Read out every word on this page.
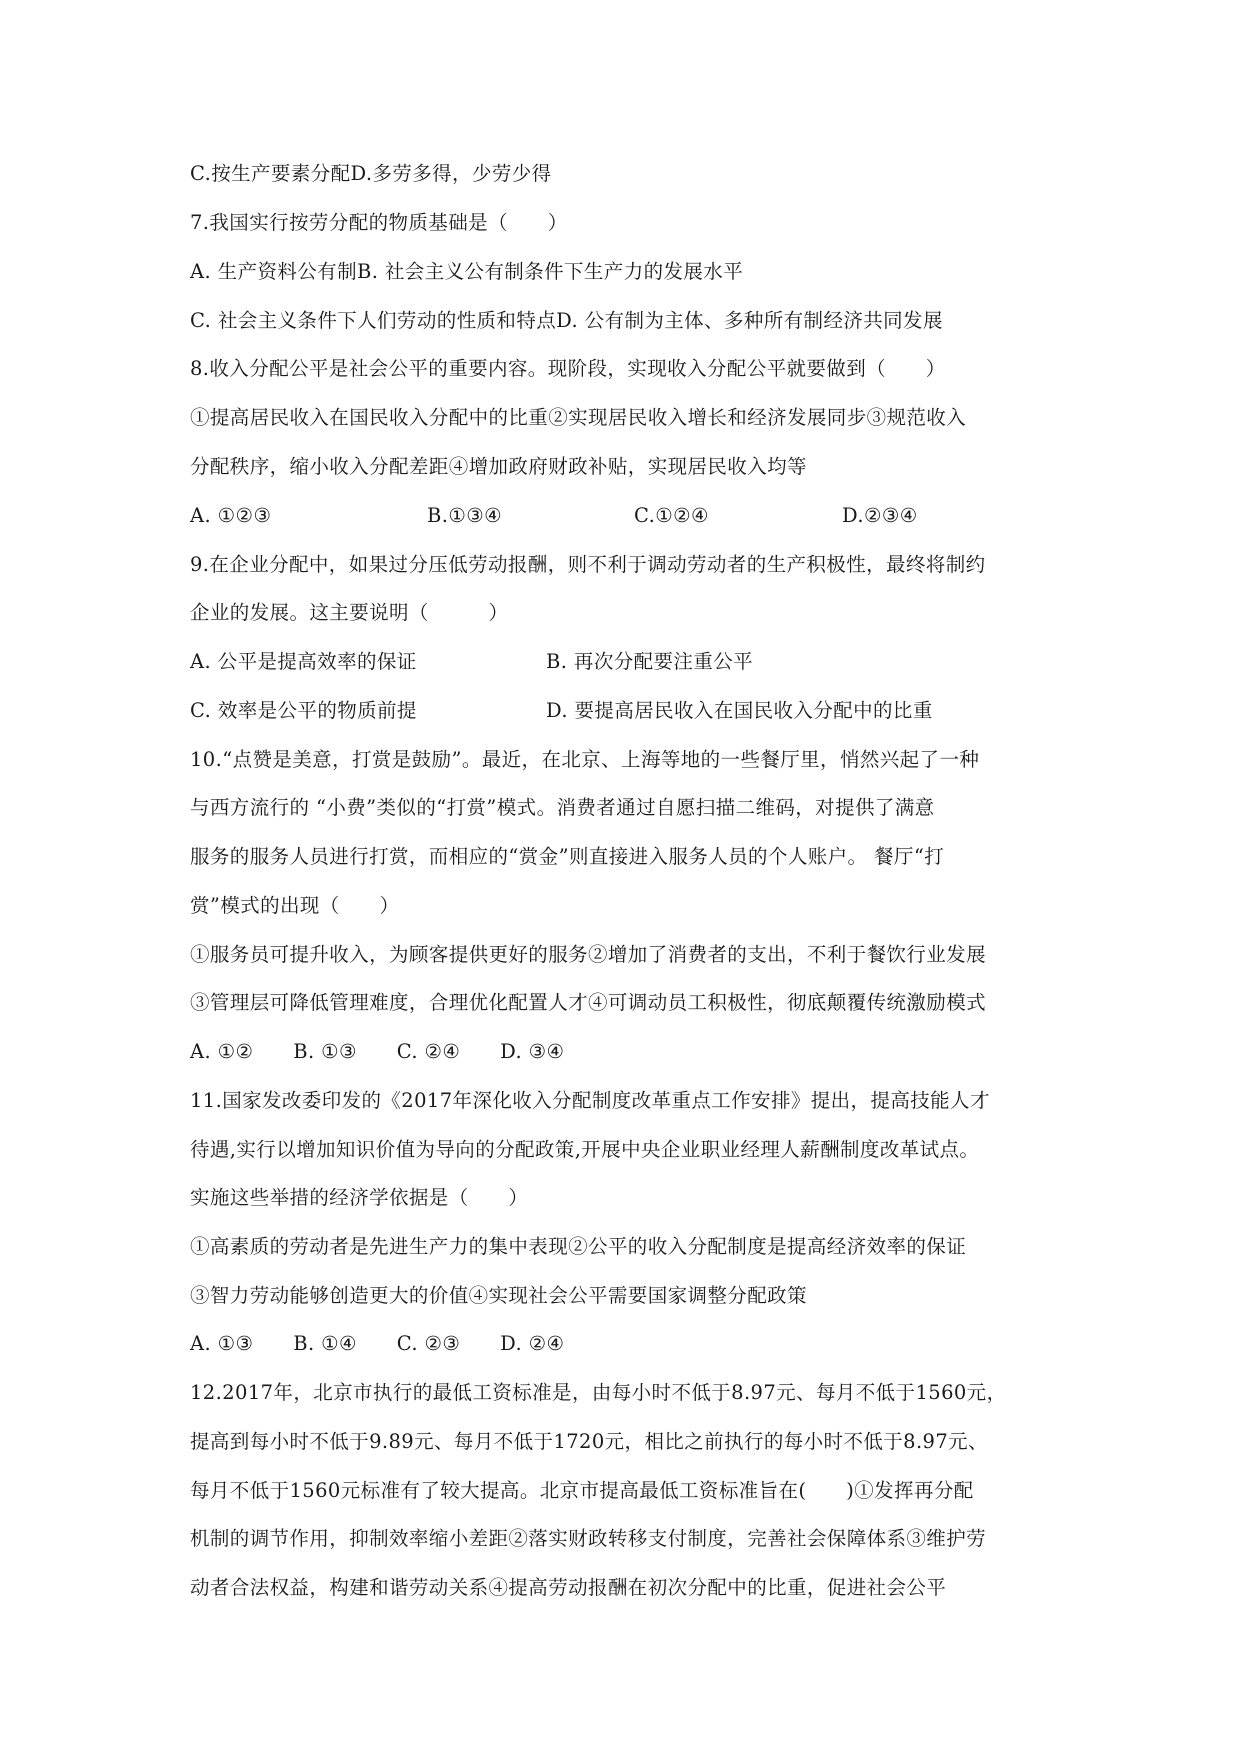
C.按生产要素分配D.多劳多得，少劳少得
7.我国实行按劳分配的物质基础是（　　）
A. 生产资料公有制B. 社会主义公有制条件下生产力的发展水平
C. 社会主义条件下人们劳动的性质和特点D. 公有制为主体、多种所有制经济共同发展
8.收入分配公平是社会公平的重要内容。现阶段，实现收入分配公平就要做到（　　）
①提高居民收入在国民收入分配中的比重②实现居民收入增长和经济发展同步③规范收入
分配秩序，缩小收入分配差距④增加政府财政补贴，实现居民收入均等
A. ①②③	B.①③④	C.①②④	D.②③④
9.在企业分配中，如果过分压低劳动报酬，则不利于调动劳动者的生产积极性，最终将制约
企业的发展。这主要说明（　　　）
A. 公平是提高效率的保证	B. 再次分配要注重公平
C. 效率是公平的物质前提	D. 要提高居民收入在国民收入分配中的比重
10.“点赞是美意，打赏是鼓励”。最近，在北京、上海等地的一些餐厅里，悄然兴起了一种
与西方流行的 “小费”类似的“打赏”模式。消费者通过自愿扫描二维码，对提供了满意
服务的服务人员进行打赏，而相应的“赏金”则直接进入服务人员的个人账户。 餐厅“打
赏”模式的出现（　　）
①服务员可提升收入，为顾客提供更好的服务②增加了消费者的支出，不利于餐饮行业发展
③管理层可降低管理难度，合理优化配置人才④可调动员工积极性，彻底颠覆传统激励模式
A. ①②　　B. ①③　　C. ②④　　D. ③④
11.国家发改委印发的《2017年深化收入分配制度改革重点工作安排》提出，提高技能人才
待遇,实行以增加知识价值为导向的分配政策,开展中央企业职业经理人薪酬制度改革试点。
实施这些举措的经济学依据是（　　）
①高素质的劳动者是先进生产力的集中表现②公平的收入分配制度是提高经济效率的保证
③智力劳动能够创造更大的价值④实现社会公平需要国家调整分配政策
A. ①③　　B. ①④　　C. ②③　　D. ②④
12.2017年，北京市执行的最低工资标准是，由每小时不低于8.97元、每月不低于1560元，
提高到每小时不低于9.89元、每月不低于1720元，相比之前执行的每小时不低于8.97元、
每月不低于1560元标准有了较大提高。北京市提高最低工资标准旨在(　　)①发挥再分配
机制的调节作用，抑制效率缩小差距②落实财政转移支付制度，完善社会保障体系③维护劳
动者合法权益，构建和谐劳动关系④提高劳动报酬在初次分配中的比重，促进社会公平
